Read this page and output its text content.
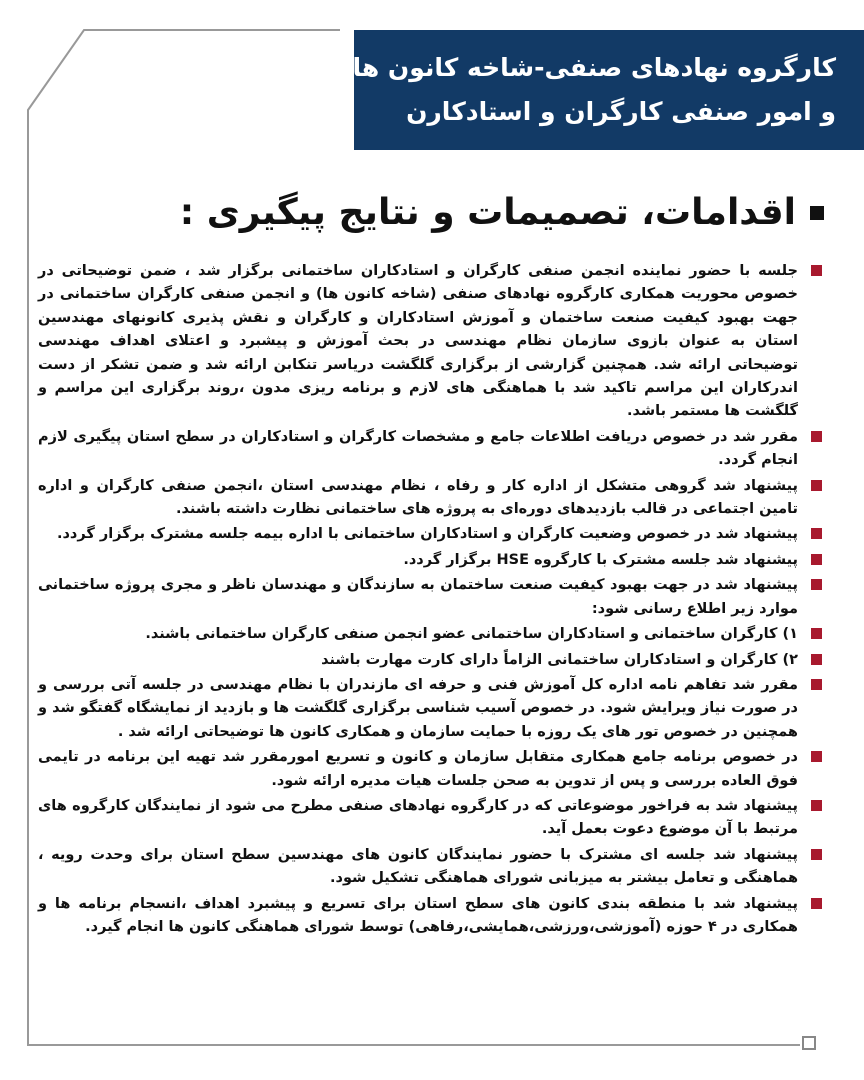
کارگروه نهادهای صنفی-شاخه کانون ها و سمن ها
و امور صنفی کارگران و استادکارن
اقدامات، تصمیمات و نتایج پیگیری :
جلسه با حضور نماینده انجمن صنفی کارگران و استادکاران ساختمانی برگزار شد ، ضمن توضیحاتی در خصوص محوریت همکاری کارگروه نهادهای صنفی (شاخه کانون ها) و انجمن صنفی کارگران ساختمانی در جهت بهبود کیفیت صنعت ساختمان و آموزش استادکاران و کارگران و نقش پذیری کانونهای مهندسین استان به عنوان بازوی سازمان نظام مهندسی در بحث آموزش و پیشبرد و اعتلای اهداف مهندسی توضیحاتی ارائه شد. همچنین گزارشی از برگزاری گلگشت دریاسر تنکابن ارائه شد و ضمن تشکر از دست اندرکاران این مراسم تاکید شد با هماهنگی های لازم و برنامه ریزی مدون ،روند برگزاری این مراسم و گلگشت ها مستمر باشد.
مقرر شد در خصوص دریافت اطلاعات جامع و مشخصات کارگران و استادکاران در سطح استان پیگیری لازم انجام گردد.
پیشنهاد شد گروهی متشکل از اداره کار و رفاه ، نظام مهندسی استان ،انجمن صنفی کارگران و اداره تامین اجتماعی در قالب بازدیدهای دوره‌ای به پروژه های ساختمانی نظارت داشته باشند.
پیشنهاد شد در خصوص وضعیت کارگران و استادکاران ساختمانی با اداره بیمه جلسه مشترک برگزار گردد.
پیشنهاد شد جلسه مشترک با کارگروه HSE برگزار گردد.
پیشنهاد شد در جهت بهبود کیفیت صنعت ساختمان به سازندگان و مهندسان ناظر و مجری پروژه ساختمانی موارد زیر اطلاع رسانی شود:
۱) کارگران ساختمانی و استادکاران ساختمانی عضو انجمن صنفی کارگران ساختمانی باشند.
۲) کارگران و استادکاران ساختمانی الزاماً دارای کارت مهارت باشند
مقرر شد تفاهم نامه اداره کل آموزش فنی و حرفه ای مازندران با نظام مهندسی در جلسه آتی بررسی و در صورت نیاز ویرایش شود. در خصوص آسیب شناسی برگزاری گلگشت ها و بازدید از نمایشگاه گفتگو شد و همچنین در خصوص تور های یک روزه با حمایت سازمان و همکاری کانون ها توضیحاتی ارائه شد .
در خصوص برنامه جامع همکاری متقابل سازمان و کانون و تسریع امورمقرر شد تهیه این برنامه در تایمی فوق العاده بررسی و پس از تدوین به صحن جلسات هیات مدیره ارائه شود.
پیشنهاد شد به فراخور موضوعاتی که در کارگروه نهادهای صنفی مطرح می شود از نمایندگان کارگروه های مرتبط با آن موضوع دعوت بعمل آید.
پیشنهاد شد جلسه ای مشترک با حضور نمایندگان کانون های مهندسین سطح استان برای وحدت رویه ، هماهنگی و تعامل بیشتر به میزبانی شورای هماهنگی تشکیل شود.
پیشنهاد شد با منطقه بندی کانون های سطح استان برای تسریع و پیشبرد اهداف ،انسجام برنامه ها و همکاری در ۴ حوزه (آموزشی،ورزشی،همایشی،رفاهی) توسط شورای هماهنگی کانون ها انجام گیرد.
